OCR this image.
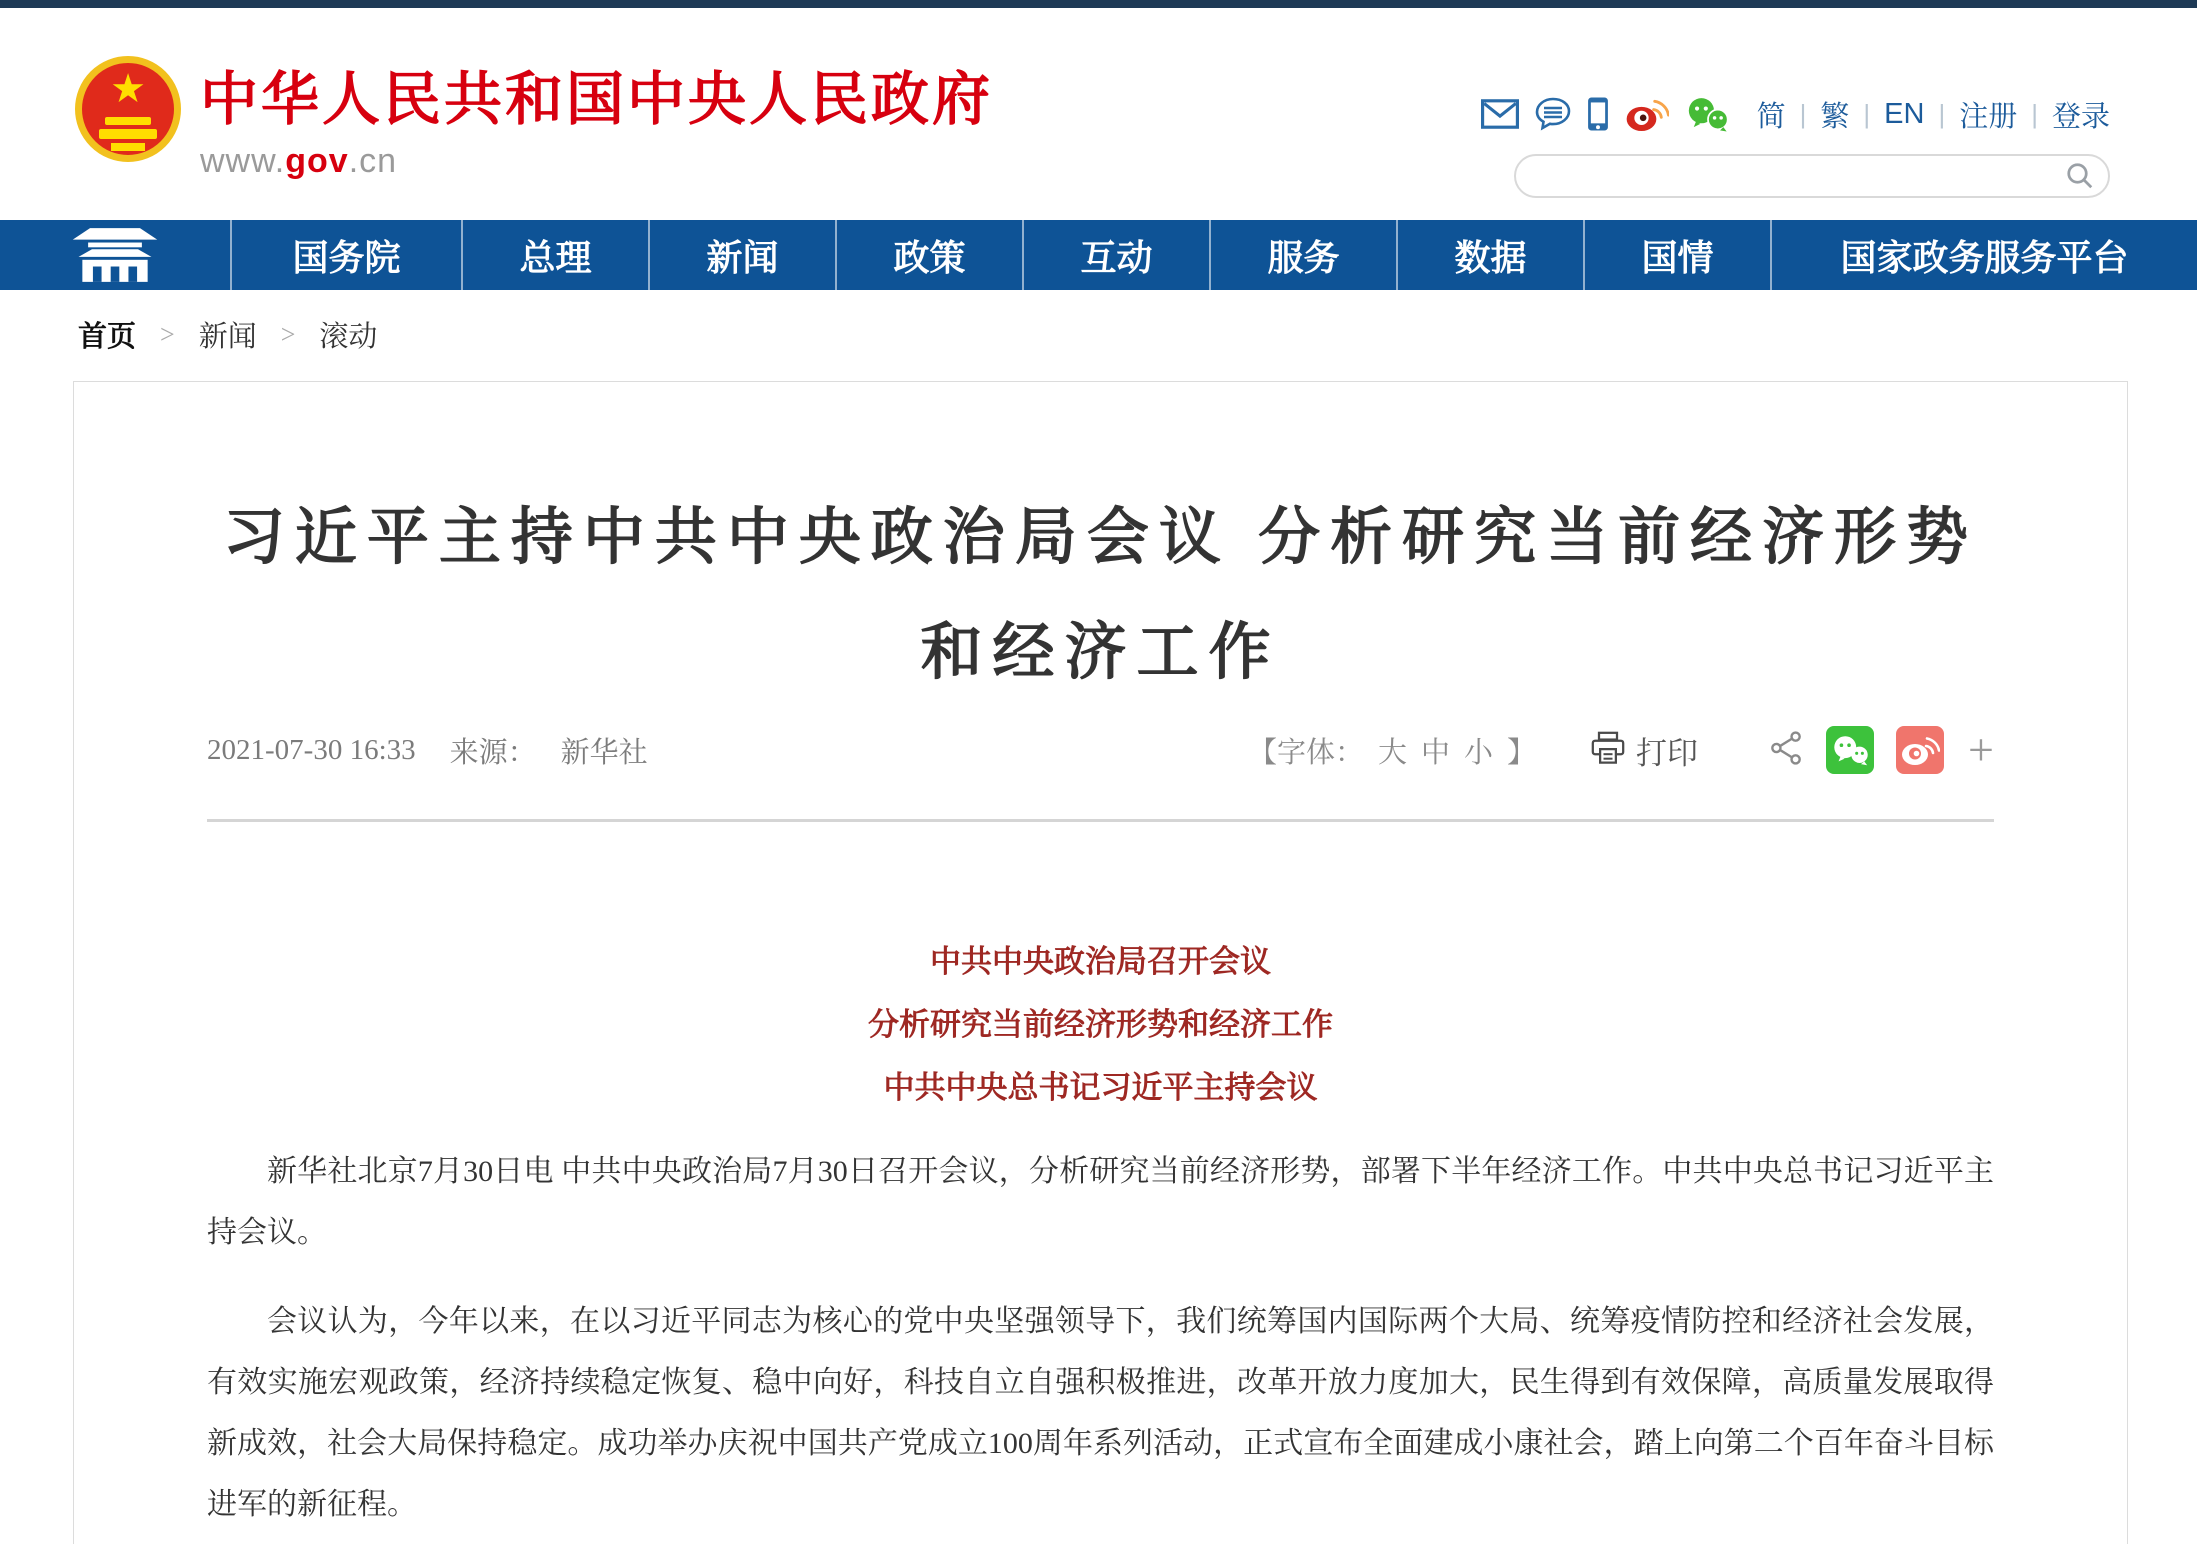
★ 中华人民共和国中央人民政府
www.gov.cn
简 | 繁 | EN | 注册 | 登录
国务院	总理	新闻	政策	互动	服务	数据	国情	国家政务服务平台
首页 > 新闻 > 滚动
习近平主持中共中央政治局会议 分析研究当前经济形势和经济工作
2021-07-30 16:33 来源： 新华社	【字体： 大 中 小 】	打印	+
中共中央政治局召开会议
分析研究当前经济形势和经济工作
中共中央总书记习近平主持会议

新华社北京7月30日电 中共中央政治局7月30日召开会议，分析研究当前经济形势，部署下半年经济工作。中共中央总书记习近平主持会议。

会议认为，今年以来，在以习近平同志为核心的党中央坚强领导下，我们统筹国内国际两个大局、统筹疫情防控和经济社会发展，有效实施宏观政策，经济持续稳定恢复、稳中向好，科技自立自强积极推进，改革开放力度加大，民生得到有效保障，高质量发展取得新成效，社会大局保持稳定。成功举办庆祝中国共产党成立100周年系列活动，正式宣布全面建成小康社会，踏上向第二个百年奋斗目标进军的新征程。
